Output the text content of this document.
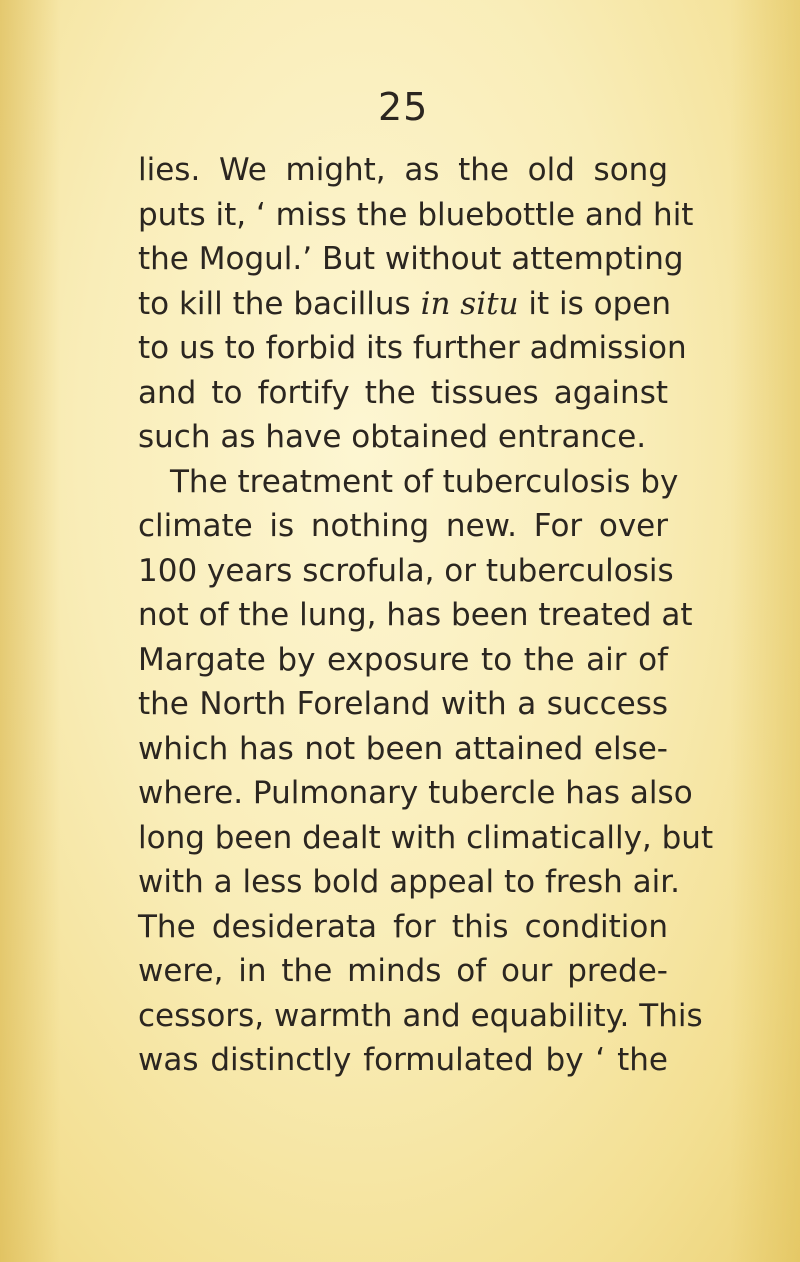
25
lies. We might, as the old song
puts it, ‘ miss the bluebottle and hit
the Mogul.’ But without attempting
to kill the bacillus in situ it is open
to us to forbid its further admission
and to fortify the tissues against
such as have obtained entrance.
The treatment of tuberculosis by
climate is nothing new. For over
100 years scrofula, or tuberculosis
not of the lung, has been treated at
Margate by exposure to the air of
the North Foreland with a success
which has not been attained else-
where. Pulmonary tubercle has also
long been dealt with climatically, but
with a less bold appeal to fresh air.
The desiderata for this condition
were, in the minds of our prede-
cessors, warmth and equability. This
was distinctly formulated by ‘ the
